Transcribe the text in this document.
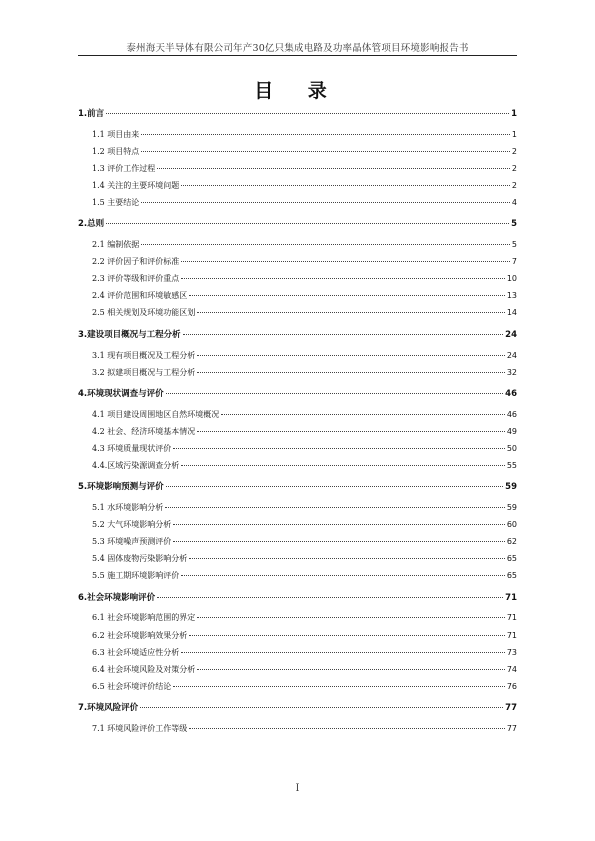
泰州海天半导体有限公司年产30亿只集成电路及功率晶体管项目环境影响报告书
目 录
1.前言	1
1.1 项目由来	1
1.2 项目特点	2
1.3 评价工作过程	2
1.4 关注的主要环境问题	2
1.5 主要结论	4
2.总则	5
2.1 编制依据	5
2.2 评价因子和评价标准	7
2.3 评价等级和评价重点	10
2.4 评价范围和环境敏感区	13
2.5 相关规划及环境功能区划	14
3.建设项目概况与工程分析	24
3.1 现有项目概况及工程分析	24
3.2 拟建项目概况与工程分析	32
4.环境现状调查与评价	46
4.1 项目建设周围地区自然环境概况	46
4.2 社会、经济环境基本情况	49
4.3 环境质量现状评价	50
4.4.区域污染源调查分析	55
5.环境影响预测与评价	59
5.1 水环境影响分析	59
5.2 大气环境影响分析	60
5.3 环境噪声预测评价	62
5.4 固体废物污染影响分析	65
5.5 施工期环境影响评价	65
6.社会环境影响评价	71
6.1 社会环境影响范围的界定	71
6.2 社会环境影响效果分析	71
6.3 社会环境适应性分析	73
6.4 社会环境风险及对策分析	74
6.5 社会环境评价结论	76
7.环境风险评价	77
7.1 环境风险评价工作等级	77
I
